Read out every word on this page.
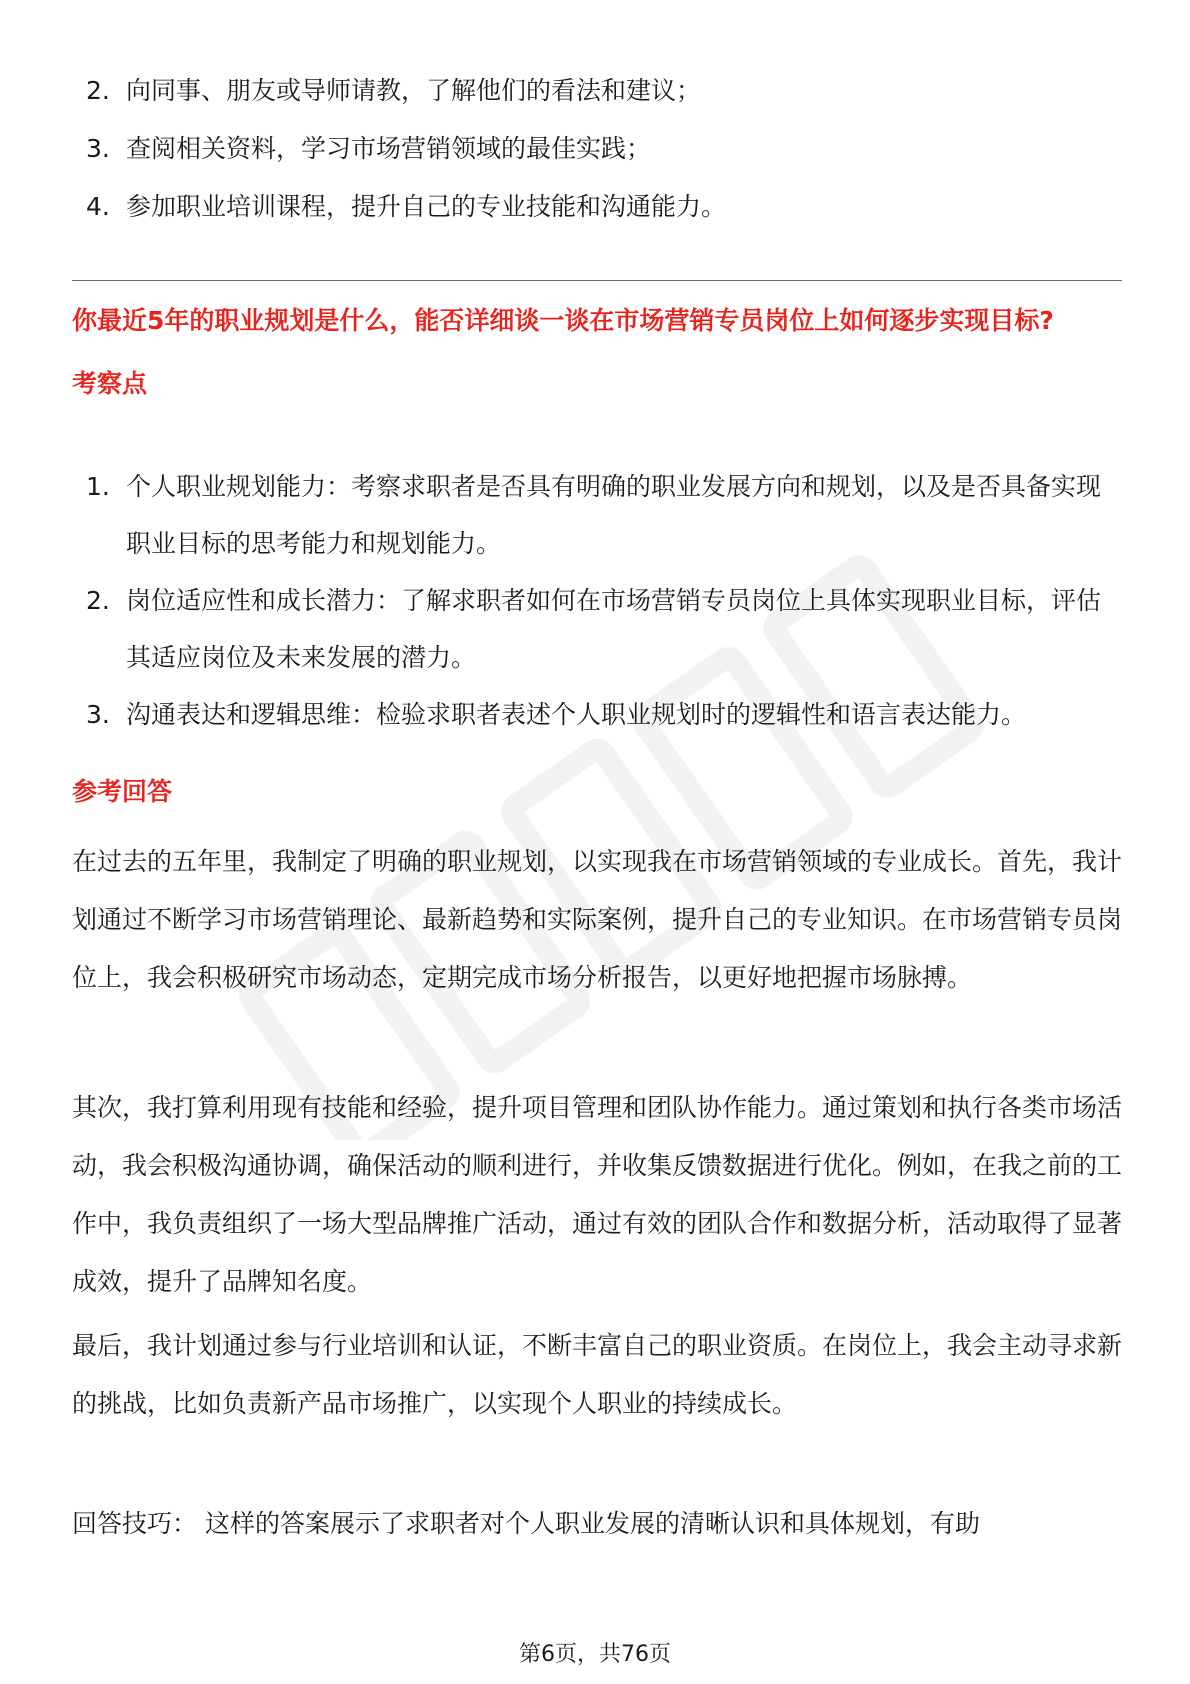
2. 向同事、朋友或导师请教，了解他们的看法和建议；
3. 查阅相关资料，学习市场营销领域的最佳实践；
4. 参加职业培训课程，提升自己的专业技能和沟通能力。
你最近5年的职业规划是什么，能否详细谈一谈在市场营销专员岗位上如何逐步实现目标?
考察点
1. 个人职业规划能力：考察求职者是否具有明确的职业发展方向和规划，以及是否具备实现职业目标的思考能力和规划能力。
2. 岗位适应性和成长潜力：了解求职者如何在市场营销专员岗位上具体实现职业目标，评估其适应岗位及未来发展的潜力。
3. 沟通表达和逻辑思维：检验求职者表述个人职业规划时的逻辑性和语言表达能力。
参考回答
在过去的五年里，我制定了明确的职业规划，以实现我在市场营销领域的专业成长。首先，我计划通过不断学习市场营销理论、最新趋势和实际案例，提升自己的专业知识。在市场营销专员岗位上，我会积极研究市场动态，定期完成市场分析报告，以更好地把握市场脉搏。
其次，我打算利用现有技能和经验，提升项目管理和团队协作能力。通过策划和执行各类市场活动，我会积极沟通协调，确保活动的顺利进行，并收集反馈数据进行优化。例如，在我之前的工作中，我负责组织了一场大型品牌推广活动，通过有效的团队合作和数据分析，活动取得了显著成效，提升了品牌知名度。
最后，我计划通过参与行业培训和认证，不断丰富自己的职业资质。在岗位上，我会主动寻求新的挑战，比如负责新产品市场推广，以实现个人职业的持续成长。
回答技巧： 这样的答案展示了求职者对个人职业发展的清晰认识和具体规划，有助
第6页，共76页
